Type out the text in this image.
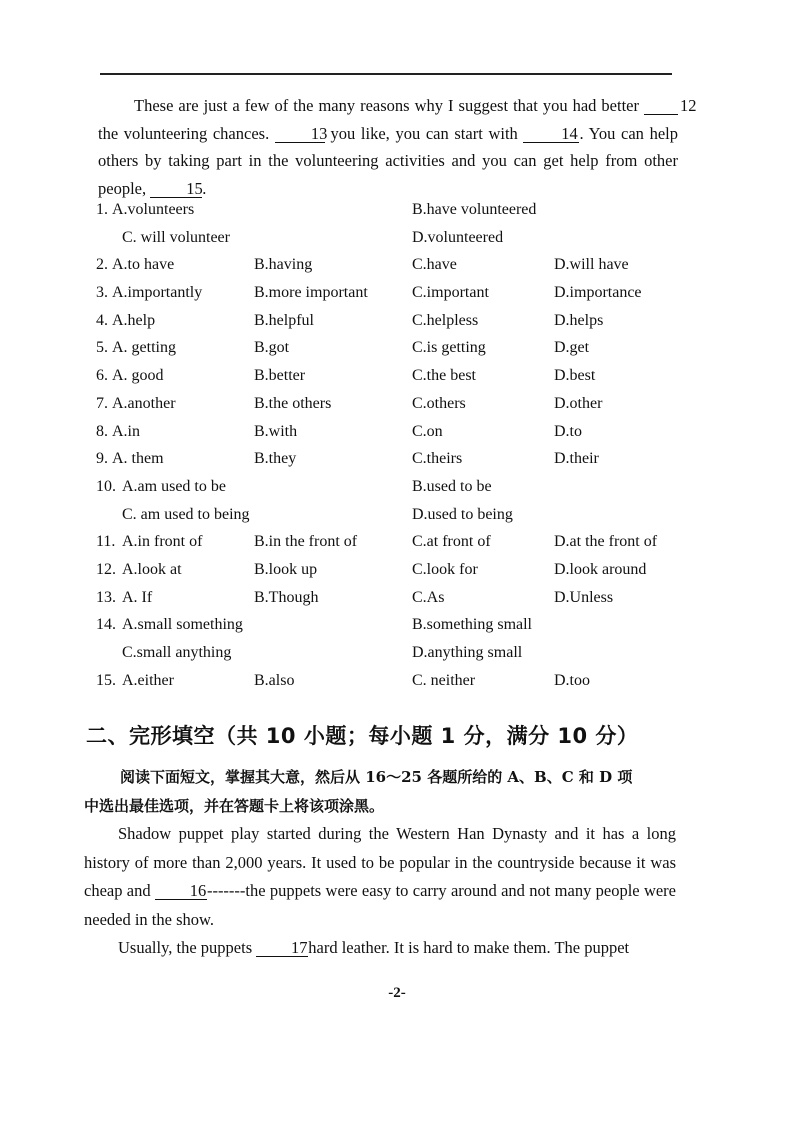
These are just a few of the many reasons why I suggest that you had better 12 the volunteering chances.	13 you like, you can start with	14 . You can help others by taking part in the volunteering activities and you can get help from other people, 15.
1. A.volunteers	B.have volunteered
C. will volunteer	D.volunteered
2. A.to have	B.having	C.have	D.will have
3. A.importantly	B.more important	C.important	D.importance
4. A.help	B.helpful	C.helpless	D.helps
5. A. getting	B.got	C.is getting	D.get
6. A. good	B.better	C.the best	D.best
7. A.another	B.the others	C.others	D.other
8. A.in	B.with	C.on	D.to
9. A. them	B.they	C.theirs	D.their
10. A.am used to be	B.used to be
C. am used to being	D.used to being
11. A.in front of	B.in the front of	C.at front of	D.at the front of
12. A.look at	B.look up	C.look for	D.look around
13. A. If	B.Though	C.As	D.Unless
14. A.small something	B.something small
C.small anything	D.anything small
15. A.either	B.also	C. neither	D.too
二、完形填空（共 10 小题；每小题 1 分，满分 10 分）
阅读下面短文，掌握其大意，然后从 16～25 各题所给的 A、B、C 和 D 项
中选出最佳选项，并在答题卡上将该项涂黑。

Shadow puppet play started during the Western Han Dynasty and it has a long history of more than 2,000 years. It used to be popular in the countryside because it was cheap and 16-------the puppets were easy to carry around and not many people were needed in the show.

Usually, the puppets 17hard leather. It is hard to make them. The puppet

-2-
